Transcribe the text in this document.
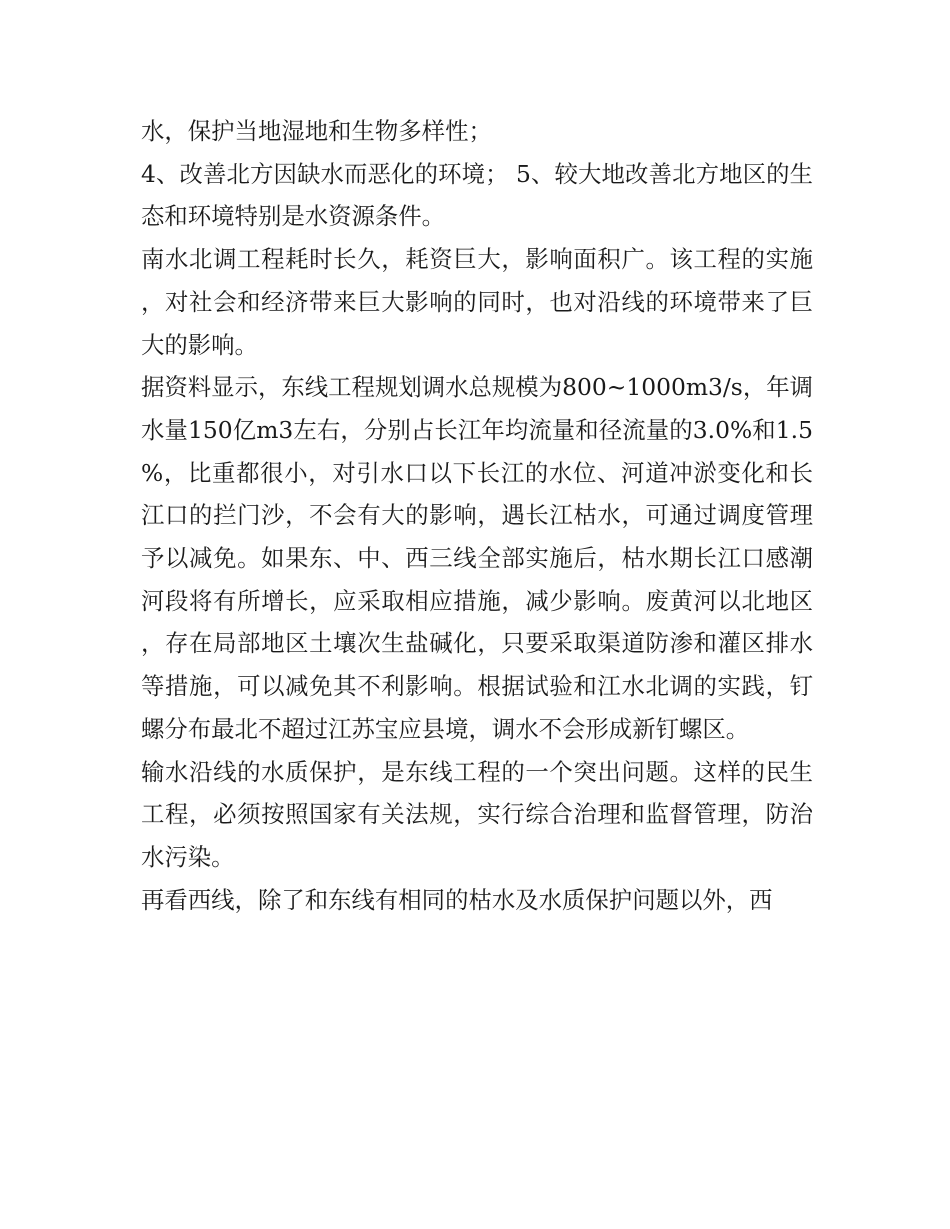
水，保护当地湿地和生物多样性；

4、改善北方因缺水而恶化的环境； 5、较大地改善北方地区的生态和环境特别是水资源条件。

南水北调工程耗时长久，耗资巨大，影响面积广。该工程的实施，对社会和经济带来巨大影响的同时，也对沿线的环境带来了巨大的影响。

据资料显示，东线工程规划调水总规模为800~1000m3/s，年调水量150亿m3左右，分别占长江年均流量和径流量的3.0%和1.5%，比重都很小，对引水口以下长江的水位、河道冲淤变化和长江口的拦门沙，不会有大的影响，遇长江枯水，可通过调度管理予以减免。如果东、中、西三线全部实施后，枯水期长江口感潮河段将有所增长，应采取相应措施，减少影响。废黄河以北地区，存在局部地区土壤次生盐碱化，只要采取渠道防渗和灌区排水等措施，可以减免其不利影响。根据试验和江水北调的实践，钉螺分布最北不超过江苏宝应县境，调水不会形成新钉螺区。

输水沿线的水质保护，是东线工程的一个突出问题。这样的民生工程，必须按照国家有关法规，实行综合治理和监督管理，防治水污染。

再看西线，除了和东线有相同的枯水及水质保护问题以外，西
